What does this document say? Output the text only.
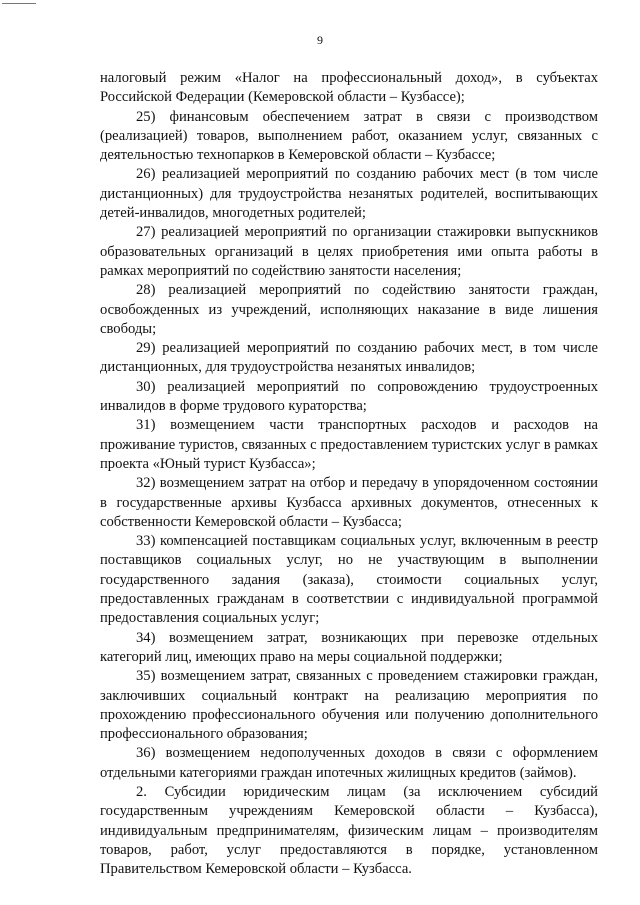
9

налоговый режим «Налог на профессиональный доход», в субъектах Российской Федерации (Кемеровской области – Кузбассе);

25) финансовым обеспечением затрат в связи с производством (реализацией) товаров, выполнением работ, оказанием услуг, связанных с деятельностью технопарков в Кемеровской области – Кузбассе;

26) реализацией мероприятий по созданию рабочих мест (в том числе дистанционных) для трудоустройства незанятых родителей, воспитывающих детей-инвалидов, многодетных родителей;

27) реализацией мероприятий по организации стажировки выпускников образовательных организаций в целях приобретения ими опыта работы в рамках мероприятий по содействию занятости населения;

28) реализацией мероприятий по содействию занятости граждан, освобожденных из учреждений, исполняющих наказание в виде лишения свободы;

29) реализацией мероприятий по созданию рабочих мест, в том числе дистанционных, для трудоустройства незанятых инвалидов;

30) реализацией мероприятий по сопровождению трудоустроенных инвалидов в форме трудового кураторства;

31) возмещением части транспортных расходов и расходов на проживание туристов, связанных с предоставлением туристских услуг в рамках проекта «Юный турист Кузбасса»;

32) возмещением затрат на отбор и передачу в упорядоченном состоянии в государственные архивы Кузбасса архивных документов, отнесенных к собственности Кемеровской области – Кузбасса;

33) компенсацией поставщикам социальных услуг, включенным в реестр поставщиков социальных услуг, но не участвующим в выполнении государственного задания (заказа), стоимости социальных услуг, предоставленных гражданам в соответствии с индивидуальной программой предоставления социальных услуг;

34) возмещением затрат, возникающих при перевозке отдельных категорий лиц, имеющих право на меры социальной поддержки;

35) возмещением затрат, связанных с проведением стажировки граждан, заключивших социальный контракт на реализацию мероприятия по прохождению профессионального обучения или получению дополнительного профессионального образования;

36) возмещением недополученных доходов в связи с оформлением отдельными категориями граждан ипотечных жилищных кредитов (займов).

2. Субсидии юридическим лицам (за исключением субсидий государственным учреждениям Кемеровской области – Кузбасса), индивидуальным предпринимателям, физическим лицам – производителям товаров, работ, услуг предоставляются в порядке, установленном Правительством Кемеровской области – Кузбасса.
